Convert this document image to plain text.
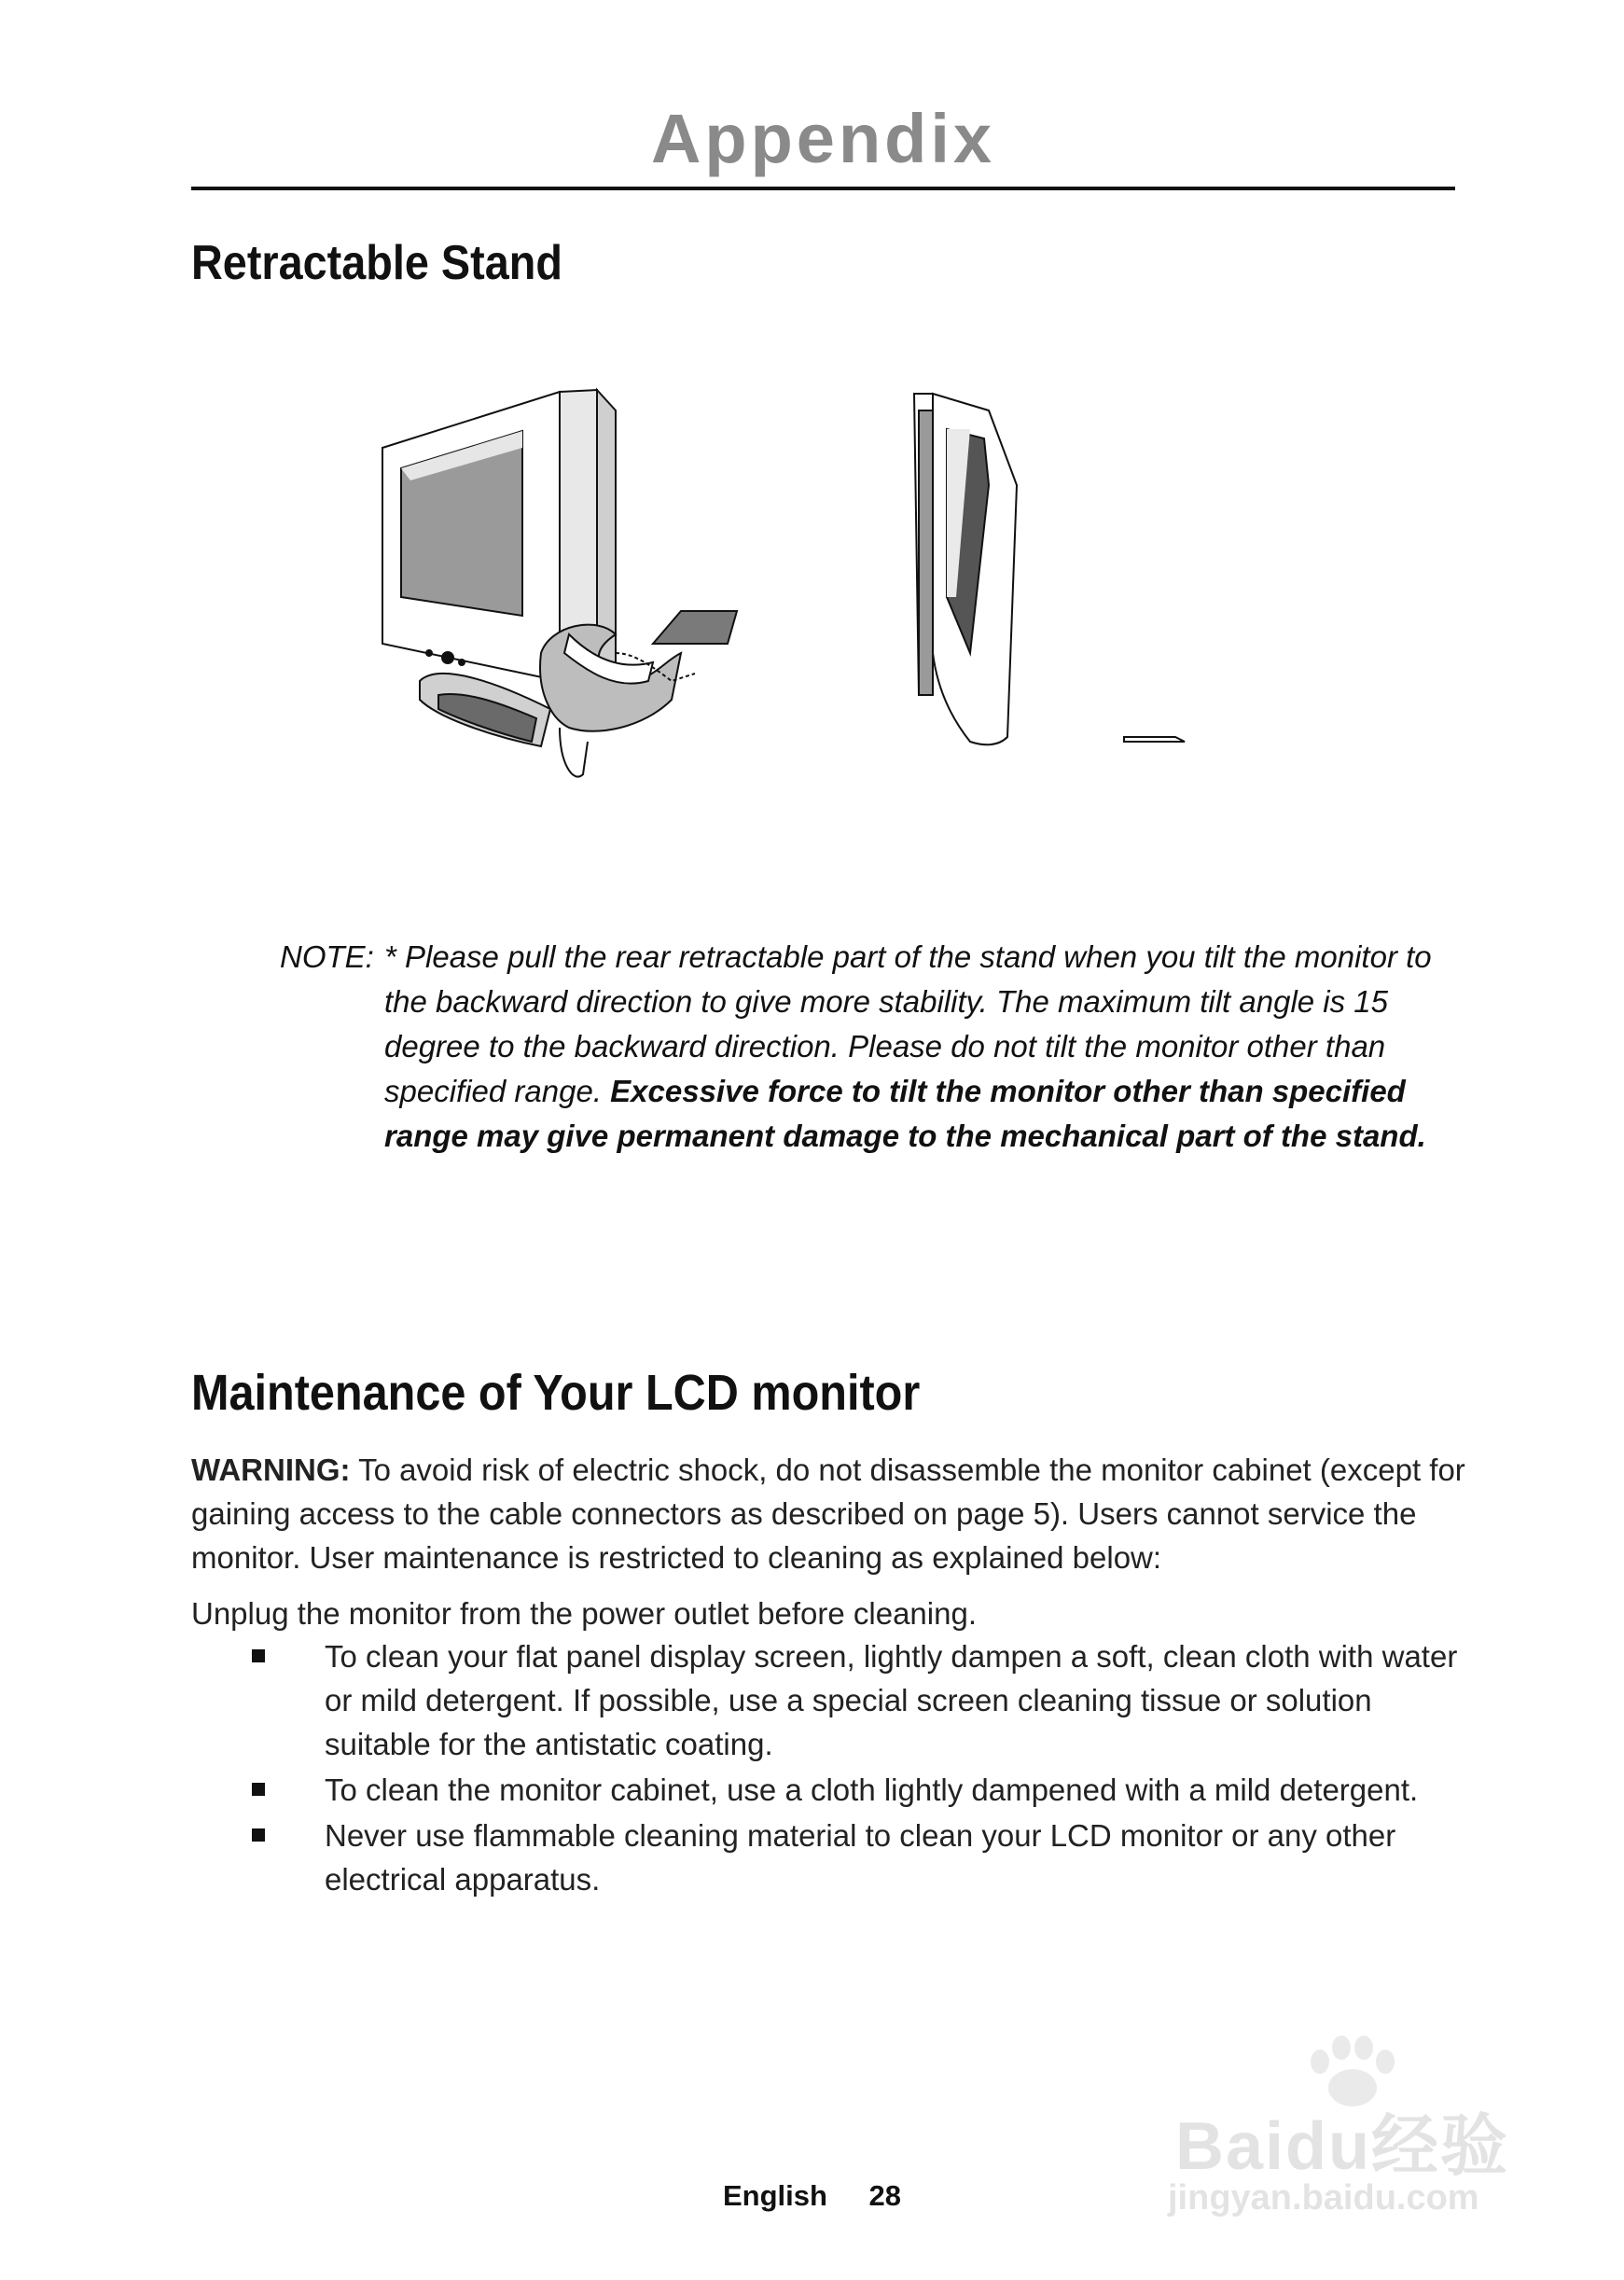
Appendix
Retractable Stand
NOTE: * Please pull the rear retractable part of the stand when you tilt the monitor to the backward direction to give more stability. The maximum tilt angle is 15 degree to the backward direction. Please do not tilt the monitor other than specified range. Excessive force to tilt the monitor other than specified range may give permanent damage to the mechanical part of the stand.
Maintenance of Your LCD monitor
WARNING: To avoid risk of electric shock, do not disassemble the monitor cabinet (except for gaining access to the cable connectors as described on page 5). Users cannot service the monitor. User maintenance is restricted to cleaning as explained below:
Unplug the monitor from the power outlet before cleaning.
To clean your flat panel display screen, lightly dampen a soft, clean cloth with water or mild detergent. If possible, use a special screen cleaning tissue or solution suitable for the antistatic coating.
To clean the monitor cabinet, use a cloth lightly dampened with a mild detergent.
Never use flammable cleaning material to clean your LCD monitor or any other electrical apparatus.
Baidu经验
jingyan.baidu.com
English 28
